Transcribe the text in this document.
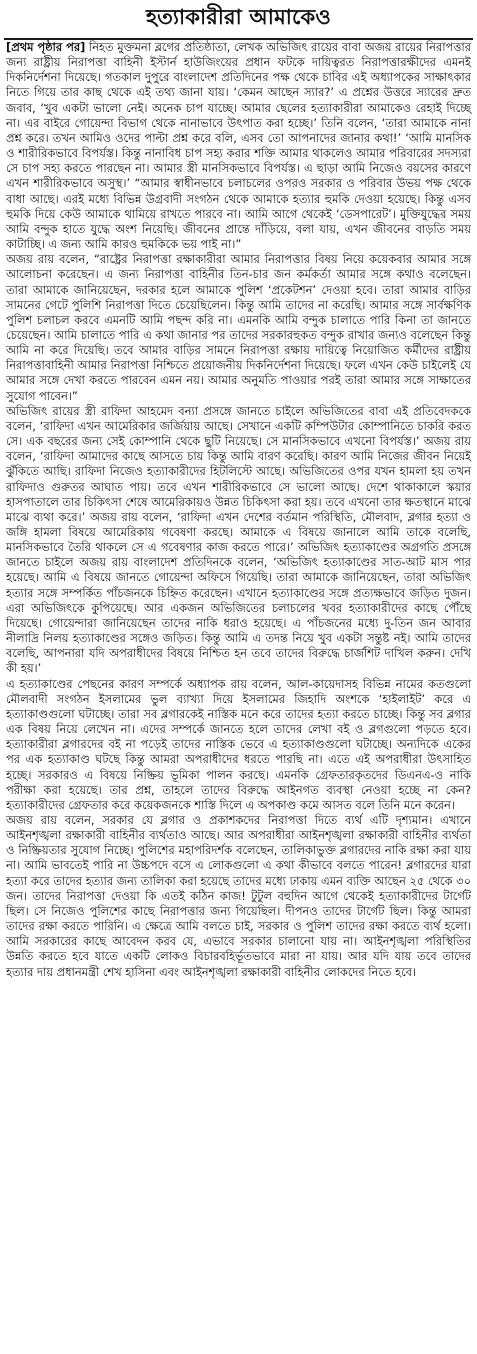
হত্যাকারীরা আমাকেও

[প্রথম পৃষ্ঠার পর] নিহত মুক্তমনা ব্লগের প্রতিষ্ঠাতা, লেখক অভিজিৎ রায়ের বাবা অজয় রায়ের নিরাপত্তার জন্য রাষ্ট্রীয় নিরাপত্তা বাহিনী ইস্টার্ন হাউজিংয়ের প্রধান ফটকে দায়িত্বরত নিরাপত্তারক্ষীদের এমনই দিকনির্দেশনা দিয়েছে। গতকাল দুপুরে বাংলাদেশ প্রতিদিনের পক্ষ থেকে চাবির এই অধ্যাপকের সাক্ষাৎকার নিতে গিয়ে তার কাছ থেকে এই তথ্য জানা যায়। ‘কেমন আছেন স্যার?’ এ প্রশ্নের উত্তরে স্যারের দ্রুত জবাব, ‘খুব একটা ভালো নেই। অনেক চাপ যাচ্ছে। আমার ছেলের হত্যাকারীরা আমাকেও রেহাই দিচ্ছে না। এর বাইরে গোয়েন্দা বিভাগ থেকে নানাভাবে উৎপাত করা হচ্ছে।’ তিনি বলেন, ‘তারা আমাকে নানা প্রশ্ন করে। তখন আমিও ওদের পাল্টা প্রশ্ন করে বলি, এসব তো আপনাদের জানার কথা!’ ‘আমি মানসিক ও শারীরিকভাবে বিপর্যস্ত। কিন্তু নানাবিধ চাপ সহ্য করার শক্তি আমার থাকলেও আমার পরিবারের সদস্যরা সে চাপ সহ্য করতে পারছেন না। আমার স্ত্রী মানসিকভাবে বিপর্যস্ত। এ ছাড়া আমি নিজেও বয়সের কারণে এখন শারীরিকভাবে অসুস্থ।’ “আমার স্বাধীনভাবে চলাচলের ওপরও সরকার ও পরিবার উভয় পক্ষ থেকে বাধা আছে। এরই মধ্যে বিভিন্ন উগ্রবাদী সংগঠন থেকে আমাকে হত্যার হুমকি দেওয়া হয়েছে। কিন্তু এসব হুমকি দিয়ে কেউ আমাকে থামিয়ে রাখতে পারবে না। আমি আগে থেকেই ‘ডেসপারেট’। মুক্তিযুদ্ধের সময় আমি বন্দুক হাতে যুদ্ধে অংশ নিয়েছি। জীবনের প্রান্তে দাঁড়িয়ে, বলা যায়, এখন জীবনের বাড়তি সময় কাটাচ্ছি। এ জন্য আমি কারও হুমকিকে ভয় পাই না।”

অজয় রায় বলেন, “রাষ্ট্রের নিরাপত্তা রক্ষাকারীরা আমার নিরাপত্তার বিষয় নিয়ে কয়েকবার আমার সঙ্গে আলোচনা করেছেন। এ জন্য নিরাপত্তা বাহিনীর তিন-চার জন কর্মকর্তা আমার সঙ্গে কথাও বলেছেন। তারা আমাকে জানিয়েছেন, দরকার হলে আমাকে পুলিশ ‘প্রকেটশন’ দেওয়া হবে। তারা আমার বাড়ির সামনের গেটে পুলিশি নিরাপত্তা দিতে চেয়েছিলেন। কিন্তু আমি তাদের না করেছি। আমার সঙ্গে সার্বক্ষণিক পুলিশ চলাচল করবে এমনটি আমি পছন্দ করি না। এমনকি আমি বন্দুক চালাতে পারি কিনা তা জানতে চেয়েছেন। আমি চালাতে পারি এ কথা জানার পর তাদের সরকারহুকত বন্দুক রাখার জন্যও বলেছেন কিন্তু আমি না করে দিয়েছি। তবে আমার বাড়ির সামনে নিরাপত্তা রক্ষায় দায়িত্বে নিয়োজিত কর্মীদের রাষ্ট্রীয় নিরাপত্তাবাহিনী আমার নিরাপত্তা নিশ্চিতে প্রয়োজনীয় দিকনির্দেশনা দিয়েছে। ফলে এখন কেউ চাইলেই যে আমার সঙ্গে দেখা করতে পারবেন এমন নয়। আমার অনুমতি পাওয়ার পরই তারা আমার সঙ্গে সাক্ষাতের সুযোগ পাবেন।”

অভিজিৎ রায়ের স্ত্রী রাফিদা আহমেদ বন্যা প্রসঙ্গে জানতে চাইলে অভিজিতের বাবা এই প্রতিবেদককে বলেন, ‘রাফিদা এখন আমেরিকার জর্জিয়ায় আছে। সেখানে একটি কম্পিউটার কোম্পানিতে চাকরি করত সে। এক বছরের জন্য সেই কোম্পানি থেকে ছুটি নিয়েছে। সে মানসিকভাবে এখনো বিপর্যস্ত।’ অজয় রায় বলেন, ‘রাফিদা আমাদের কাছে আসতে চায় কিন্তু আমি বারণ করেছি। কারণ আমি নিজের জীবন নিয়েই ঝুঁকিতে আছি। রাফিদা নিজেও হত্যাকারীদের হিটলিস্টে আছে। অভিজিতের ওপর যখন হামলা হয় তখন রাফিদাও গুরুতর আঘাত পায়। তবে এখন শারীরিকভাবে সে ভালো আছে। দেশে থাকাকালে স্কয়ার হাসপাতালে তার চিকিৎসা শেষে আমেরিকায়ও উন্নত চিকিৎসা করা হয়। তবে এখনো তার ক্ষতস্থানে মাঝে মাঝে ব্যথা করে।’ অজয় রায় বলেন, ‘রাফিদা এখন দেশের বর্তমান পরিস্থিতি, মৌলবাদ, ব্লগার হত্যা ও জঙ্গি হামলা বিষয়ে আমেরিকায় গবেষণা করছে। আমাকে এ বিষয়ে জানালে আমি তাকে বলেছি, মানসিকভাবে তৈরি থাকলে সে এ গবেষণার কাজ করতে পারে।’ অভিজিৎ হত্যাকাণ্ডের অগ্রগতি প্রসঙ্গে জানতে চাইলে অজয় রায় বাংলাদেশ প্রতিদিনকে বলেন, ‘অভিজিৎ হত্যাকাণ্ডের সাত-আট মাস পার হয়েছে। আমি এ বিষয়ে জানতে গোয়েন্দা অফিসে গিয়েছি। তারা আমাকে জানিয়েছেন, তারা অভিজিৎ হত্যার সঙ্গে সম্পর্কিত পাঁচজনকে চিহ্নিত করেছেন। এখানে হত্যাকাণ্ডের সঙ্গে প্রত্যক্ষভাবে জড়িত দুজন। এরা অভিজিৎকে কুপিয়েছে। আর একজন অভিজিতের চলাচলের খবর হত্যাকারীদের কাছে পৌঁছে দিয়েছে। গোয়েন্দারা জানিয়েছেন তাদের নাকি ধরাও হয়েছে। এ পাঁচজনের মধ্যে দু-তিন জন আবার নীলাদ্রি নিলয় হত্যাকাণ্ডের সঙ্গেও জড়িত। কিন্তু আমি এ তদন্ত নিয়ে খুব একটা সন্তুষ্ট নই। আমি তাদের বলেছি, আপনারা যদি অপরাধীদের বিষয়ে নিশ্চিত হন তবে তাদের বিরুদ্ধে চার্জশিট দাখিল করুন। দেখি কী হয়।’

এ হত্যাকাণ্ডের পেছনের কারণ সম্পর্কে অধ্যাপক রায় বলেন, আল-কায়েদাসহ বিভিন্ন নামের কতগুলো মৌলবাদী সংগঠন ইসলামের ভুল ব্যাখ্যা দিয়ে ইসলামের জিহাদি অংশকে ‘হাইলাইট’ করে এ হত্যাকাণ্ডগুলো ঘটাচ্ছে। তারা সব ব্লগারকেই নাস্তিক মনে করে তাদের হত্যা করতে চাচ্ছে। কিন্তু সব ব্লগার এক বিষয় নিয়ে লেখেন না। এদের সম্পর্কে জানতে হলে তাদের লেখা বই ও ব্লগগুলো পড়তে হবে। হত্যাকারীরা ব্লগারদের বই না পড়েই তাদের নাস্তিক ভেবে এ হত্যাকাণ্ডগুলো ঘটাচ্ছে। অন্যদিকে একের পর এক হত্যাকাণ্ড ঘটছে কিন্তু আমরা অপরাধীদের ধরতে পারছি না। এতে এই অপরাধীরা উৎসাহিত হচ্ছে। সরকারও এ বিষয়ে নিষ্ক্রিয় ভূমিকা পালন করছে। এমনকি গ্রেফতারকৃতদের ডিএনএ-ও নাকি পরীক্ষা করা হয়েছে। তার প্রশ্ন, তাহলে তাদের বিরুদ্ধে আইনগত ব্যবস্থা নেওয়া হচ্ছে না কেন? হত্যাকারীদের গ্রেফতার করে কয়েকজনকে শাস্তি দিলে এ অপকাণ্ড কমে আসত বলে তিনি মনে করেন।

অজয় রায় বলেন, সরকার যে ব্লগার ও প্রকাশকদের নিরাপত্তা দিতে ব্যর্থ এটি দৃশ্যমান। এখানে আইনশৃঙ্খলা রক্ষাকারী বাহিনীর ব্যর্থতাও আছে। আর অপরাধীরা আইনশৃঙ্খলা রক্ষাকারী বাহিনীর ব্যর্থতা ও নিষ্ক্রিয়তার সুযোগ নিচ্ছে। পুলিশের মহাপরিদর্শক বলেছেন, তালিকাভুক্ত ব্লগারদের নাকি রক্ষা করা যায় না। আমি ভাবতেই পারি না উচ্চপদে বসে এ লোকগুলো এ কথা কীভাবে বলতে পারেন! ব্লগারদের যারা হত্যা করে তাদের হত্যার জন্য তালিকা করা হয়েছে তাদের মধ্যে ঢাকায় এমন ব্যক্তি আছেন ২৫ থেকে ৩০ জন। তাদের নিরাপত্তা দেওয়া কি এতই কঠিন কাজ! টুটুল বহুদিন আগে থেকেই হত্যাকারীদের টার্গেট ছিল। সে নিজেও পুলিশের কাছে নিরাপত্তার জন্য গিয়েছিল। দীপনও তাদের টার্গেট ছিল। কিন্তু আমরা তাদের রক্ষা করতে পারিনি। এ ক্ষেত্রে আমি বলতে চাই, সরকার ও পুলিশ তাদের রক্ষা করতে ব্যর্থ হলো। আমি সরকারের কাছে আবেদন করব যে, এভাবে সরকার চালানো যায় না। আইনশৃঙ্খলা পরিস্থিতির উন্নতি করতে হবে যাতে একটি লোকও বিচারবহির্ভূতভাবে মারা না যায়। আর যদি যায় তবে তাদের হত্যার দায় প্রধানমন্ত্রী শেখ হাসিনা এবং আইনশৃঙ্খলা রক্ষাকারী বাহিনীর লোকদের নিতে হবে।
